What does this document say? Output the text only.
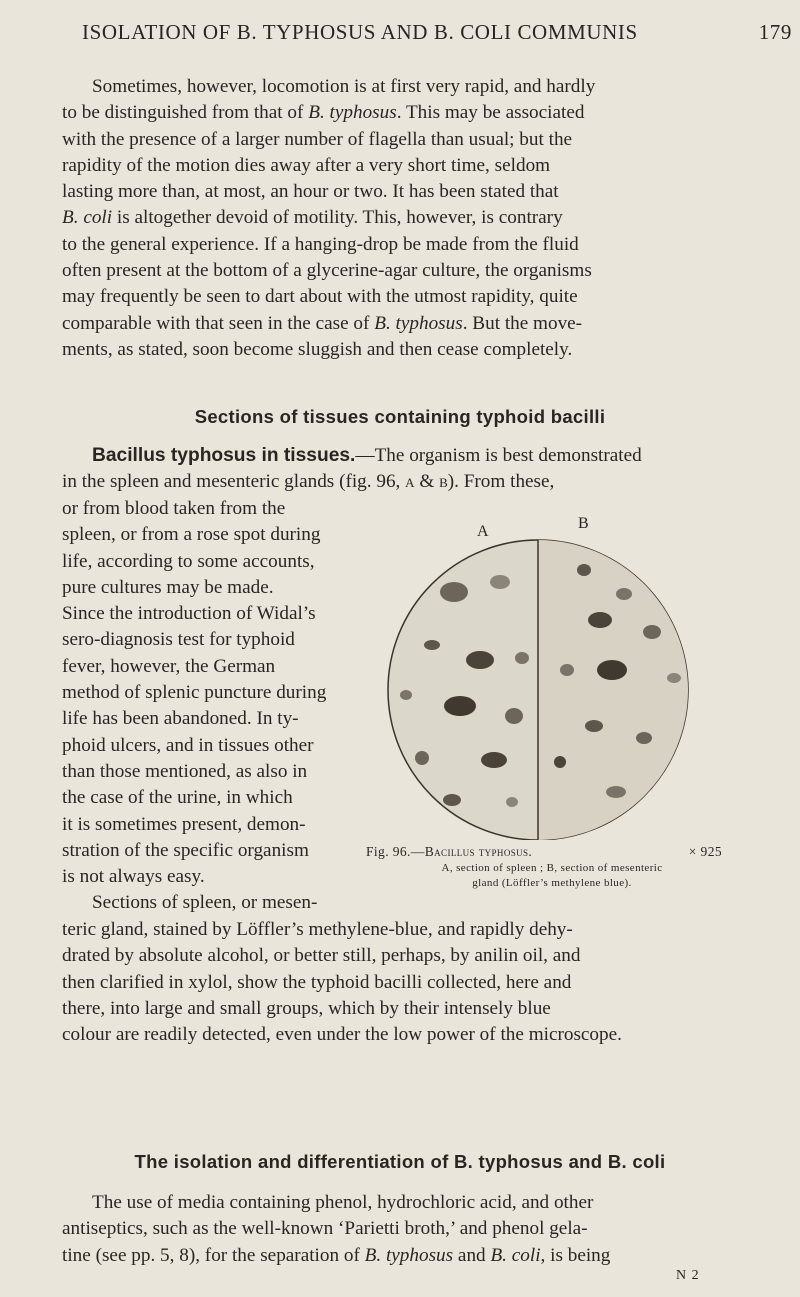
ISOLATION OF B. TYPHOSUS AND B. COLI COMMUNIS	179
Sometimes, however, locomotion is at first very rapid, and hardly
to be distinguished from that of B. typhosus. This may be associated
with the presence of a larger number of flagella than usual; but the
rapidity of the motion dies away after a very short time, seldom
lasting more than, at most, an hour or two. It has been stated that
B. coli is altogether devoid of motility. This, however, is contrary
to the general experience. If a hanging-drop be made from the fluid
often present at the bottom of a glycerine-agar culture, the organisms
may frequently be seen to dart about with the utmost rapidity, quite
comparable with that seen in the case of B. typhosus. But the move-
ments, as stated, soon become sluggish and then cease completely.
Sections of tissues containing typhoid bacilli
Bacillus typhosus in tissues.—The organism is best demonstrated
in the spleen and mesenteric glands (fig. 96, a & b). From these,
or from blood taken from the
spleen, or from a rose spot during
life, according to some accounts,
pure cultures may be made.
Since the introduction of Widal’s
sero-diagnosis test for typhoid
fever, however, the German
method of splenic puncture during
life has been abandoned. In ty-
phoid ulcers, and in tissues other
than those mentioned, as also in
the case of the urine, in which
it is sometimes present, demon-
stration of the specific organism
is not always easy.
Sections of spleen, or mesen-
A	B
Fig. 96.—Bacillus typhosus.	× 925
A, section of spleen ; B, section of mesenteric
gland (Löffler’s methylene blue).
teric gland, stained by Löffler’s methylene-blue, and rapidly dehy-
drated by absolute alcohol, or better still, perhaps, by anilin oil, and
then clarified in xylol, show the typhoid bacilli collected, here and
there, into large and small groups, which by their intensely blue
colour are readily detected, even under the low power of the microscope.
The isolation and differentiation of B. typhosus and B. coli
The use of media containing phenol, hydrochloric acid, and other
antiseptics, such as the well-known ‘Parietti broth,’ and phenol gela-
tine (see pp. 5, 8), for the separation of B. typhosus and B. coli, is being
N 2
